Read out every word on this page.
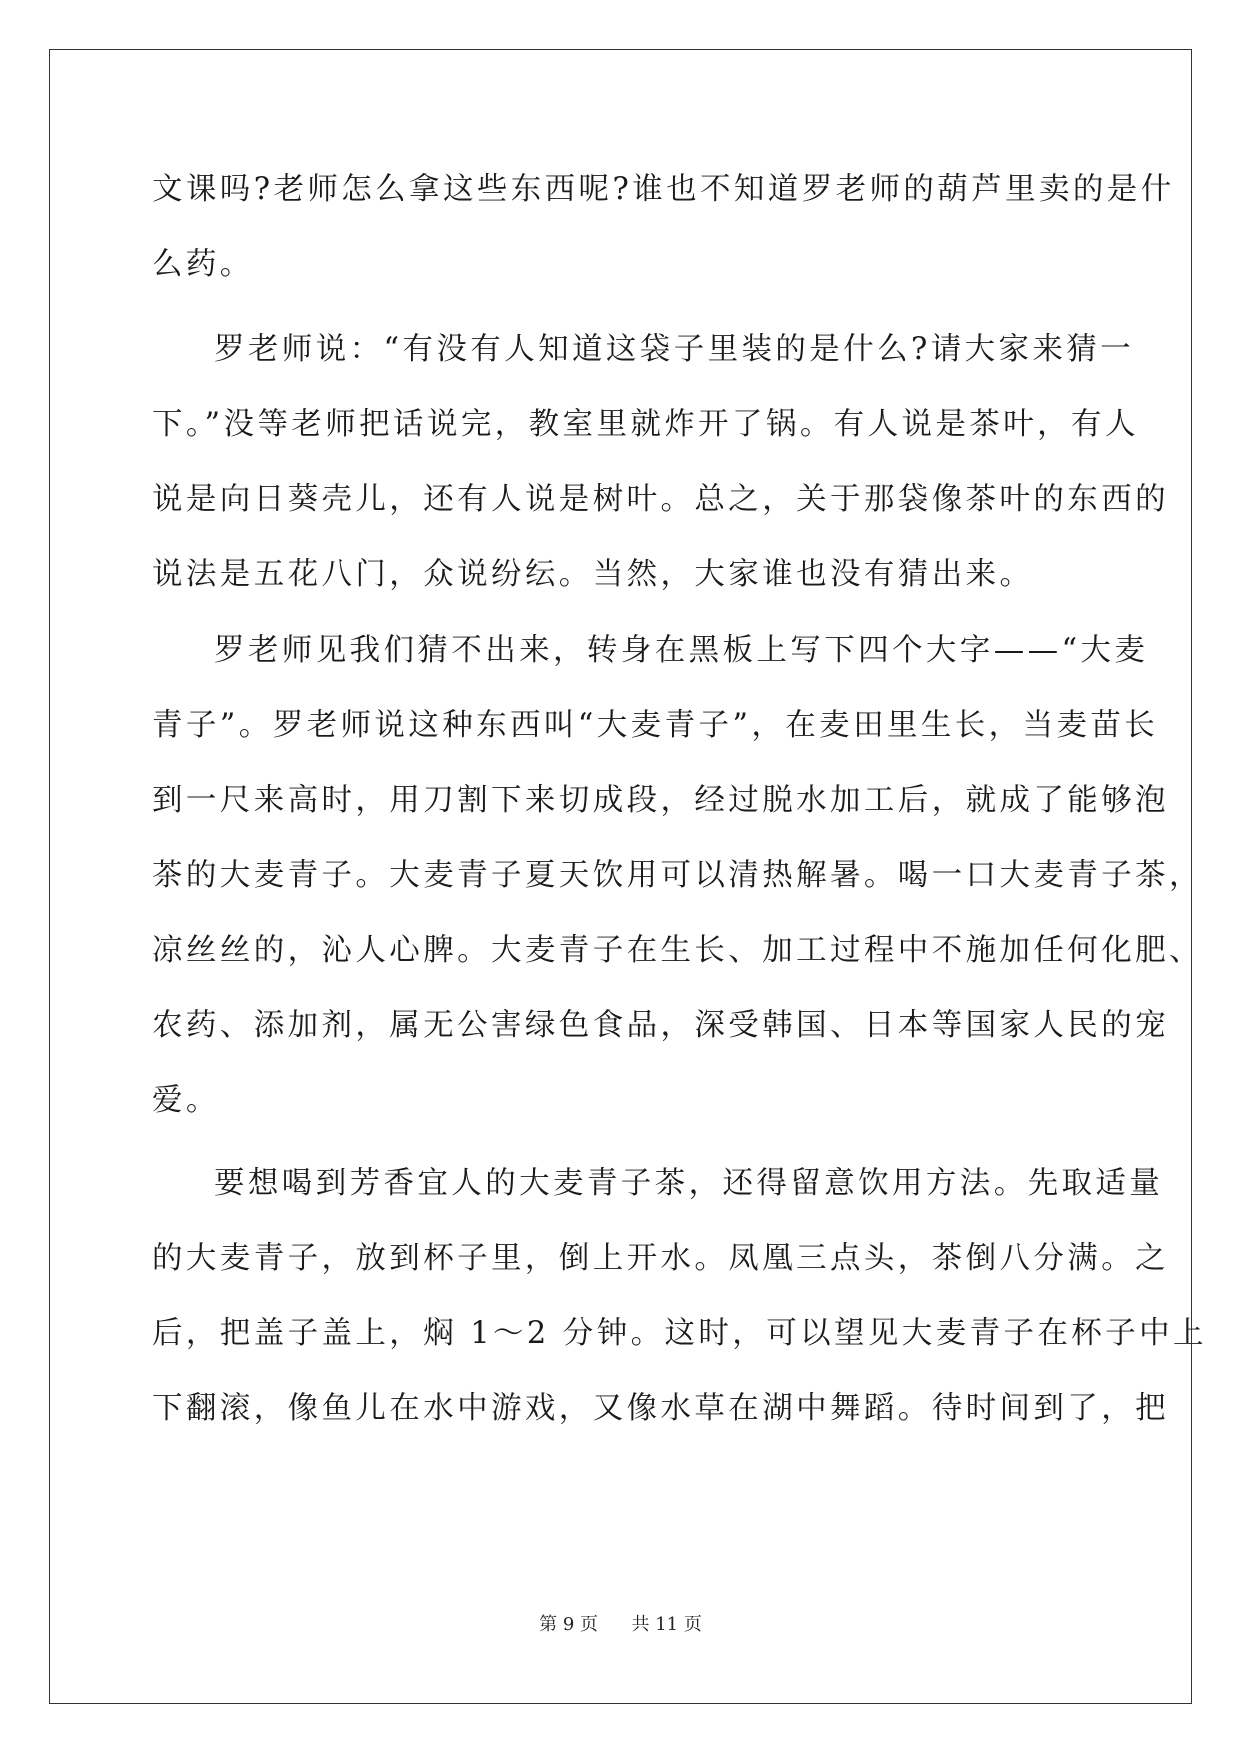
文课吗?老师怎么拿这些东西呢?谁也不知道罗老师的葫芦里卖的是什
么药。
罗老师说：“有没有人知道这袋子里装的是什么?请大家来猜一
下。”没等老师把话说完，教室里就炸开了锅。有人说是茶叶，有人
说是向日葵壳儿，还有人说是树叶。总之，关于那袋像茶叶的东西的
说法是五花八门，众说纷纭。当然，大家谁也没有猜出来。
罗老师见我们猜不出来，转身在黑板上写下四个大字——“大麦
青子”。罗老师说这种东西叫“大麦青子”，在麦田里生长，当麦苗长
到一尺来高时，用刀割下来切成段，经过脱水加工后，就成了能够泡
茶的大麦青子。大麦青子夏天饮用可以清热解暑。喝一口大麦青子茶，
凉丝丝的，沁人心脾。大麦青子在生长、加工过程中不施加任何化肥、
农药、添加剂，属无公害绿色食品，深受韩国、日本等国家人民的宠
爱。
要想喝到芳香宜人的大麦青子茶，还得留意饮用方法。先取适量
的大麦青子，放到杯子里，倒上开水。凤凰三点头，茶倒八分满。之
后，把盖子盖上，焖 1～2 分钟。这时，可以望见大麦青子在杯子中上
下翻滚，像鱼儿在水中游戏，又像水草在湖中舞蹈。待时间到了，把
第 9 页 共 11 页
